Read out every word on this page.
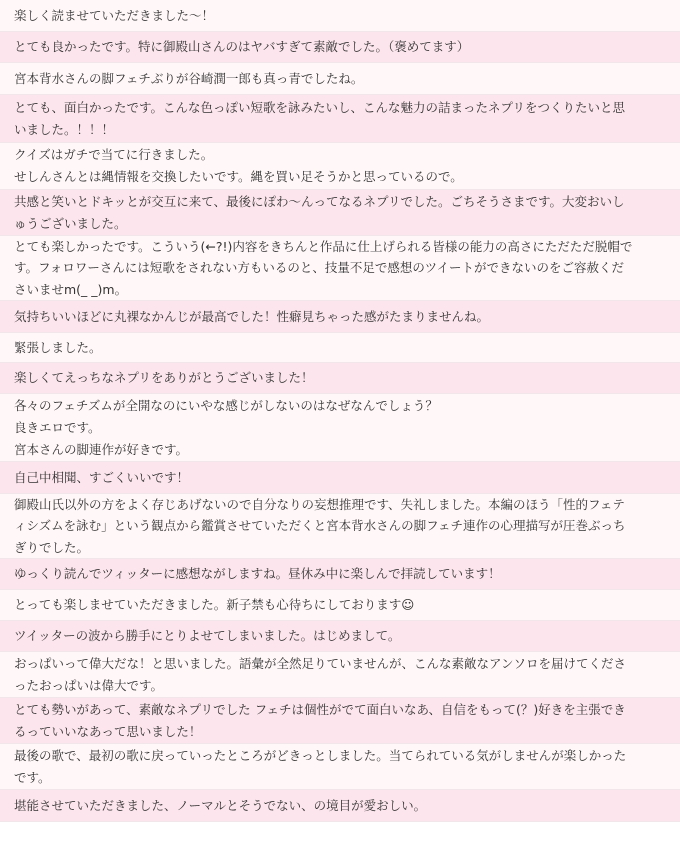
楽しく読ませていただきました～！
とても良かったです。特に御殿山さんのはヤバすぎて素敵でした。（褒めてます）
宮本背水さんの脚フェチぶりが谷崎潤一郎も真っ青でしたね。
とても、面白かったです。こんな色っぽい短歌を詠みたいし、こんな魅力の詰まったネプリをつくりたいと思
いました。！！！
クイズはガチで当てに行きました。
せしんさんとは縄情報を交換したいです。縄を買い足そうかと思っているので。
共感と笑いとドキッとが交互に来て、最後にぽわ～んってなるネプリでした。ごちそうさまです。大変おいし
ゅうございました。
とても楽しかったです。こういう(←?!)内容をきちんと作品に仕上げられる皆様の能力の高さにただただ脱帽で
す。フォロワーさんには短歌をされない方もいるのと、技量不足で感想のツイートができないのをご容赦くだ
さいませm(_ _)m。
気持ちいいほどに丸裸なかんじが最高でした！性癖見ちゃった感がたまりませんね。
緊張しました。
楽しくてえっちなネプリをありがとうございました！
各々のフェチズムが全開なのにいやな感じがしないのはなぜなんでしょう？
良きエロです。
宮本さんの脚連作が好きです。
自己中相聞、すごくいいです！
御殿山氏以外の方をよく存じあげないので自分なりの妄想推理です、失礼しました。本編のほう「性的フェテ
ィシズムを詠む」という観点から鑑賞させていただくと宮本背水さんの脚フェチ連作の心理描写が圧巻ぶっち
ぎりでした。
ゆっくり読んでツィッターに感想ながしますね。昼休み中に楽しんで拝読しています！
とっても楽しませていただきました。新子禁も心待ちにしております☺
ツイッターの波から勝手にとりよせてしまいました。はじめまして。
おっぱいって偉大だな！と思いました。語彙が全然足りていませんが、こんな素敵なアンソロを届けてくださ
ったおっぱいは偉大です。
とても勢いがあって、素敵なネプリでした フェチは個性がでて面白いなあ、自信をもって(？)好きを主張でき
るっていいなあって思いました！
最後の歌で、最初の歌に戻っていったところがどきっとしました。当てられている気がしませんが楽しかった
です。
堪能させていただきました、ノーマルとそうでない、の境目が愛おしい。
